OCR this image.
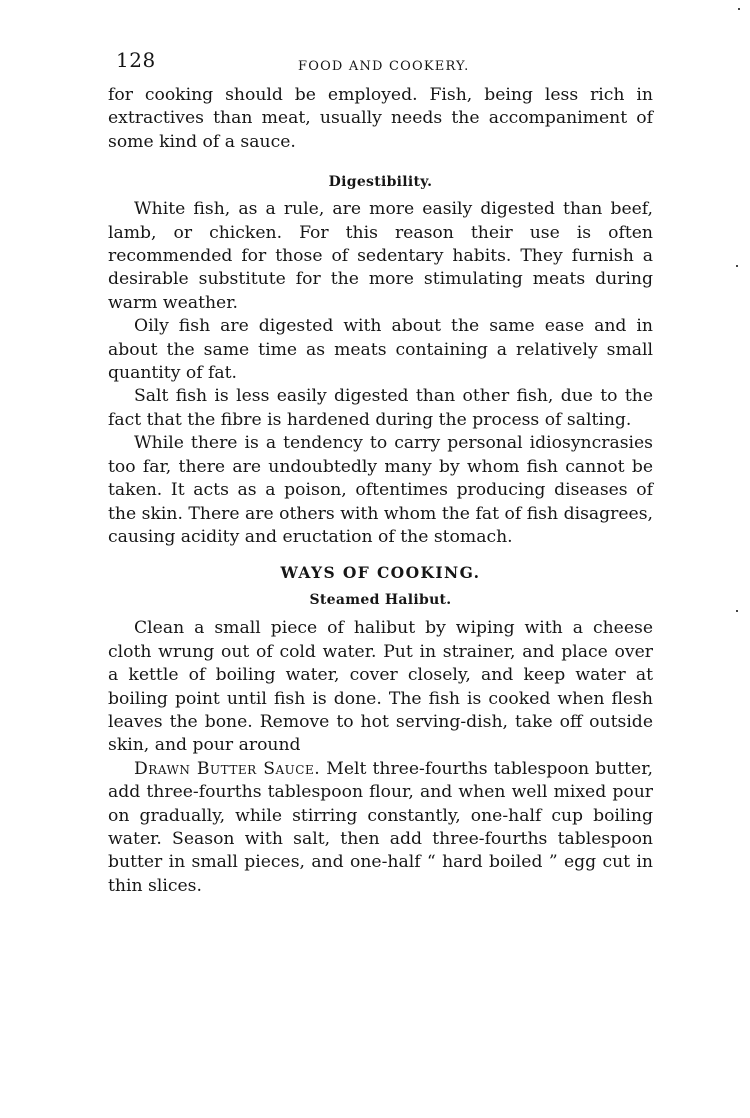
128	FOOD AND COOKERY.

for cooking should be employed. Fish, being less rich in extractives than meat, usually needs the accompaniment of some kind of a sauce.

Digestibility.

White fish, as a rule, are more easily digested than beef, lamb, or chicken. For this reason their use is often recommended for those of sedentary habits. They furnish a desirable substitute for the more stimulating meats during warm weather.

Oily fish are digested with about the same ease and in about the same time as meats containing a relatively small quantity of fat.

Salt fish is less easily digested than other fish, due to the fact that the fibre is hardened during the process of salting.

While there is a tendency to carry personal idiosyncrasies too far, there are undoubtedly many by whom fish cannot be taken. It acts as a poison, oftentimes producing diseases of the skin. There are others with whom the fat of fish disagrees, causing acidity and eructation of the stomach.

WAYS OF COOKING.
Steamed Halibut.

Clean a small piece of halibut by wiping with a cheese cloth wrung out of cold water. Put in strainer, and place over a kettle of boiling water, cover closely, and keep water at boiling point until fish is done. The fish is cooked when flesh leaves the bone. Remove to hot serving-dish, take off outside skin, and pour around

Drawn Butter Sauce. Melt three-fourths tablespoon butter, add three-fourths tablespoon flour, and when well mixed pour on gradually, while stirring constantly, one-half cup boiling water. Season with salt, then add three-fourths tablespoon butter in small pieces, and one-half “ hard boiled ” egg cut in thin slices.
